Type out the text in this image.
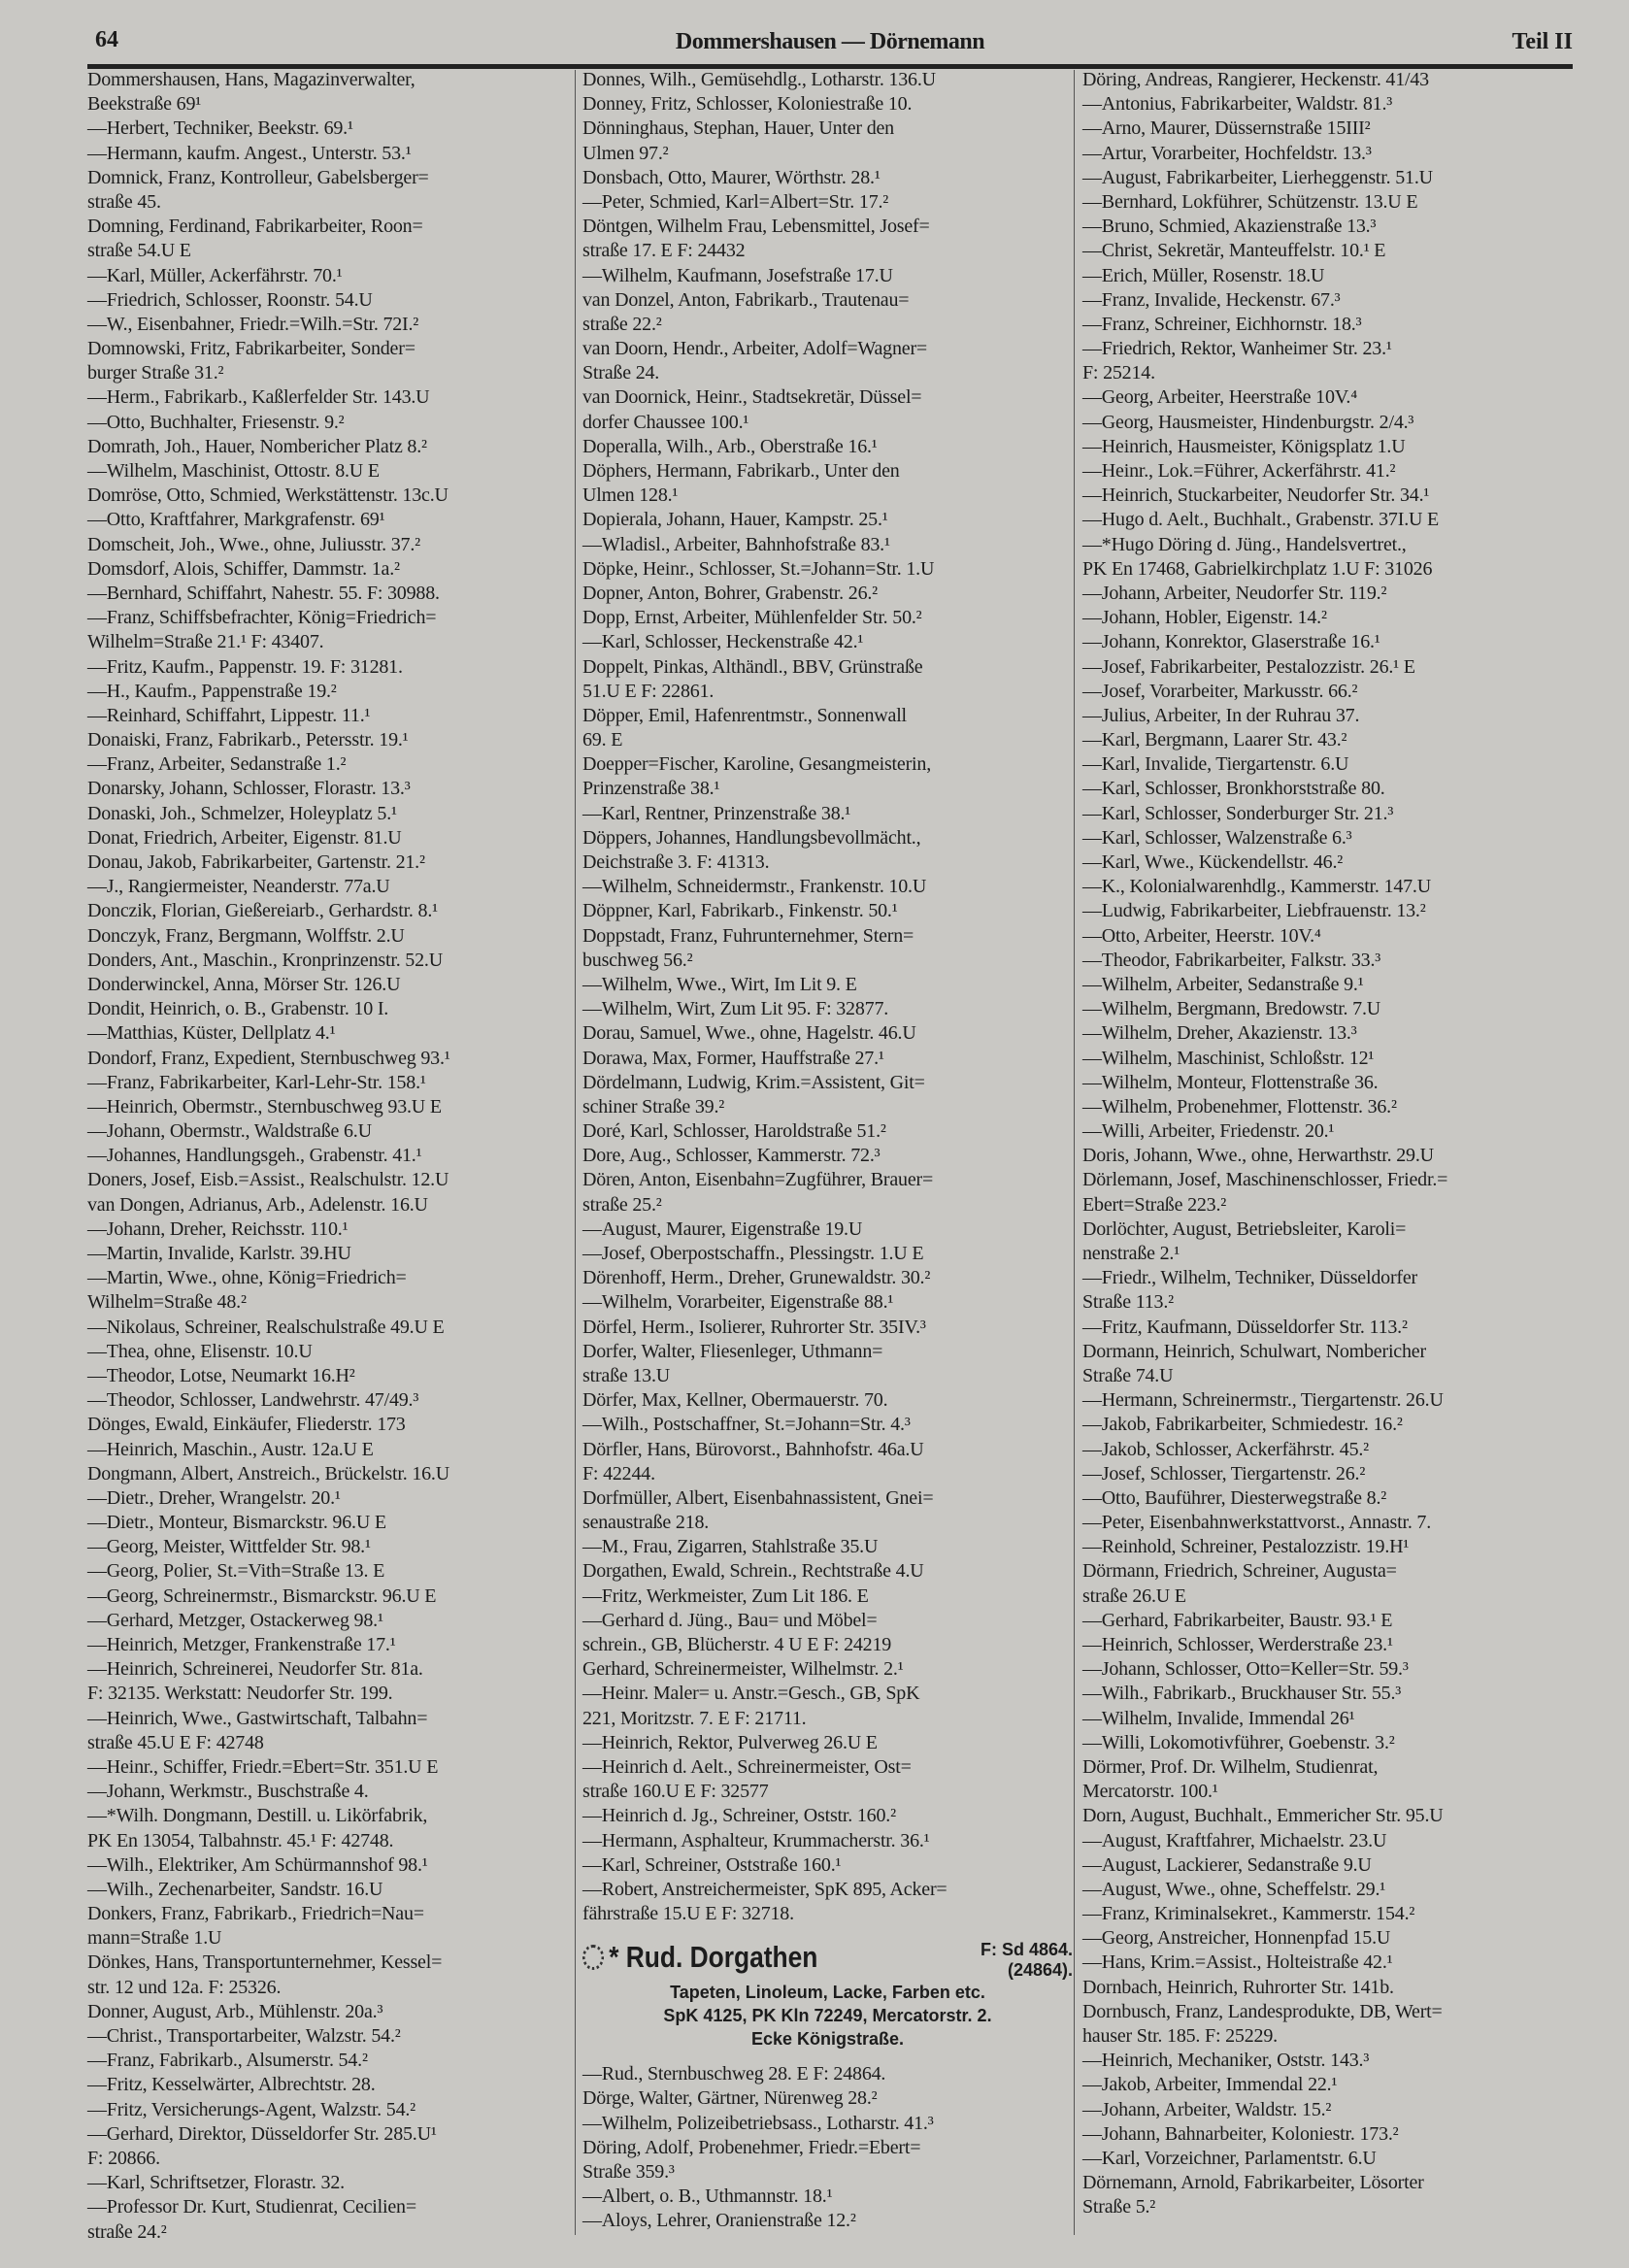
64	Dommershausen — Dörnemann	Teil II
Dommershausen, Hans, Magazinverwalter,
Beekstraße 69¹
—Herbert, Techniker, Beekstr. 69.¹
—Hermann, kaufm. Angest., Unterstr. 53.¹
Domnick, Franz, Kontrolleur, Gabelsberger=
straße 45.
Domning, Ferdinand, Fabrikarbeiter, Roon=
straße 54.U E
—Karl, Müller, Ackerfährstr. 70.¹
—Friedrich, Schlosser, Roonstr. 54.U
—W., Eisenbahner, Friedr.=Wilh.=Str. 72I.²
Domnowski, Fritz, Fabrikarbeiter, Sonder=
burger Straße 31.²
—Herm., Fabrikarb., Kaßlerfelder Str. 143.U
—Otto, Buchhalter, Friesenstr. 9.²
Domrath, Joh., Hauer, Nombericher Platz 8.²
—Wilhelm, Maschinist, Ottostr. 8.U E
Domröse, Otto, Schmied, Werkstättenstr. 13c.U
—Otto, Kraftfahrer, Markgrafenstr. 69¹
Domscheit, Joh., Wwe., ohne, Juliusstr. 37.²
Domsdorf, Alois, Schiffer, Dammstr. 1a.²
—Bernhard, Schiffahrt, Nahestr. 55. F: 30988.
—Franz, Schiffsbefrachter, König=Friedrich=
Wilhelm=Straße 21.¹ F: 43407.
—Fritz, Kaufm., Pappenstr. 19. F: 31281.
—H., Kaufm., Pappenstraße 19.²
—Reinhard, Schiffahrt, Lippestr. 11.¹
Donaiski, Franz, Fabrikarb., Petersstr. 19.¹
—Franz, Arbeiter, Sedanstraße 1.²
Donarsky, Johann, Schlosser, Florastr. 13.³
Donaski, Joh., Schmelzer, Holeyplatz 5.¹
Donat, Friedrich, Arbeiter, Eigenstr. 81.U
Donau, Jakob, Fabrikarbeiter, Gartenstr. 21.²
—J., Rangiermeister, Neanderstr. 77a.U
Donczik, Florian, Gießereiarb., Gerhardstr. 8.¹
Donczyk, Franz, Bergmann, Wolffstr. 2.U
Donders, Ant., Maschin., Kronprinzenstr. 52.U
Donderwinckel, Anna, Mörser Str. 126.U
Dondit, Heinrich, o. B., Grabenstr. 10 I.
—Matthias, Küster, Dellplatz 4.¹
Dondorf, Franz, Expedient, Sternbuschweg 93.¹
—Franz, Fabrikarbeiter, Karl-Lehr-Str. 158.¹
—Heinrich, Obermstr., Sternbuschweg 93.U E
—Johann, Obermstr., Waldstraße 6.U
—Johannes, Handlungsgeh., Grabenstr. 41.¹
Doners, Josef, Eisb.=Assist., Realschulstr. 12.U
van Dongen, Adrianus, Arb., Adelenstr. 16.U
—Johann, Dreher, Reichsstr. 110.¹
—Martin, Invalide, Karlstr. 39.HU
—Martin, Wwe., ohne, König=Friedrich=
Wilhelm=Straße 48.²
—Nikolaus, Schreiner, Realschulstraße 49.U E
—Thea, ohne, Elisenstr. 10.U
—Theodor, Lotse, Neumarkt 16.H²
—Theodor, Schlosser, Landwehrstr. 47/49.³
Dönges, Ewald, Einkäufer, Fliederstr. 173
—Heinrich, Maschin., Austr. 12a.U E
Dongmann, Albert, Anstreich., Brückelstr. 16.U
—Dietr., Dreher, Wrangelstr. 20.¹
—Dietr., Monteur, Bismarckstr. 96.U E
—Georg, Meister, Wittfelder Str. 98.¹
—Georg, Polier, St.=Vith=Straße 13. E
—Georg, Schreinermstr., Bismarckstr. 96.U E
—Gerhard, Metzger, Ostackerweg 98.¹
—Heinrich, Metzger, Frankenstraße 17.¹
—Heinrich, Schreinerei, Neudorfer Str. 81a.
F: 32135. Werkstatt: Neudorfer Str. 199.
—Heinrich, Wwe., Gastwirtschaft, Talbahn=
straße 45.U E F: 42748
—Heinr., Schiffer, Friedr.=Ebert=Str. 351.U E
—Johann, Werkmstr., Buschstraße 4.
—*Wilh. Dongmann, Destill. u. Likörfabrik,
PK En 13054, Talbahnstr. 45.¹ F: 42748.
—Wilh., Elektriker, Am Schürmannshof 98.¹
—Wilh., Zechenarbeiter, Sandstr. 16.U
Donkers, Franz, Fabrikarb., Friedrich=Nau=
mann=Straße 1.U
Dönkes, Hans, Transportunternehmer, Kessel=
str. 12 und 12a. F: 25326.
Donner, August, Arb., Mühlenstr. 20a.³
—Christ., Transportarbeiter, Walzstr. 54.²
—Franz, Fabrikarb., Alsumerstr. 54.²
—Fritz, Kesselwärter, Albrechtstr. 28.
—Fritz, Versicherungs-Agent, Walzstr. 54.²
—Gerhard, Direktor, Düsseldorfer Str. 285.U¹
F: 20866.
—Karl, Schriftsetzer, Florastr. 32.
—Professor Dr. Kurt, Studienrat, Cecilien=
straße 24.²
Donnes, Wilh., Gemüsehdlg., Lotharstr. 136.U
Donney, Fritz, Schlosser, Koloniestraße 10.
Dönninghaus, Stephan, Hauer, Unter den
Ulmen 97.²
Donsbach, Otto, Maurer, Wörthstr. 28.¹
—Peter, Schmied, Karl=Albert=Str. 17.²
Döntgen, Wilhelm Frau, Lebensmittel, Josef=
straße 17. E F: 24432
—Wilhelm, Kaufmann, Josefstraße 17.U
van Donzel, Anton, Fabrikarb., Trautenau=
straße 22.²
van Doorn, Hendr., Arbeiter, Adolf=Wagner=
Straße 24.
van Doornick, Heinr., Stadtsekretär, Düssel=
dorfer Chaussee 100.¹
Doperalla, Wilh., Arb., Oberstraße 16.¹
Döphers, Hermann, Fabrikarb., Unter den
Ulmen 128.¹
Dopierala, Johann, Hauer, Kampstr. 25.¹
—Wladisl., Arbeiter, Bahnhofstraße 83.¹
Döpke, Heinr., Schlosser, St.=Johann=Str. 1.U
Dopner, Anton, Bohrer, Grabenstr. 26.²
Dopp, Ernst, Arbeiter, Mühlenfelder Str. 50.²
—Karl, Schlosser, Heckenstraße 42.¹
Doppelt, Pinkas, Althändl., BBV, Grünstraße
51.U E F: 22861.
Döpper, Emil, Hafenrentmstr., Sonnenwall
69. E
Doepper=Fischer, Karoline, Gesangmeisterin,
Prinzenstraße 38.¹
—Karl, Rentner, Prinzenstraße 38.¹
Döppers, Johannes, Handlungsbevollmächt.,
Deichstraße 3. F: 41313.
—Wilhelm, Schneidermstr., Frankenstr. 10.U
Döppner, Karl, Fabrikarb., Finkenstr. 50.¹
Doppstadt, Franz, Fuhrunternehmer, Stern=
buschweg 56.²
—Wilhelm, Wwe., Wirt, Im Lit 9. E
—Wilhelm, Wirt, Zum Lit 95. F: 32877.
Dorau, Samuel, Wwe., ohne, Hagelstr. 46.U
Dorawa, Max, Former, Hauffstraße 27.¹
Dördelmann, Ludwig, Krim.=Assistent, Git=
schiner Straße 39.²
Doré, Karl, Schlosser, Haroldstraße 51.²
Dore, Aug., Schlosser, Kammerstr. 72.³
Dören, Anton, Eisenbahn=Zugführer, Brauer=
straße 25.²
—August, Maurer, Eigenstraße 19.U
—Josef, Oberpostschaffn., Plessingstr. 1.U E
Dörenhoff, Herm., Dreher, Grunewaldstr. 30.²
—Wilhelm, Vorarbeiter, Eigenstraße 88.¹
Dörfel, Herm., Isolierer, Ruhrorter Str. 35IV.³
Dorfer, Walter, Fliesenleger, Uthmann=
straße 13.U
Dörfer, Max, Kellner, Obermauerstr. 70.
—Wilh., Postschaffner, St.=Johann=Str. 4.³
Dörfler, Hans, Bürovorst., Bahnhofstr. 46a.U
F: 42244.
Dorfmüller, Albert, Eisenbahnassistent, Gnei=
senaustraße 218.
—M., Frau, Zigarren, Stahlstraße 35.U
Dorgathen, Ewald, Schrein., Rechtstraße 4.U
—Fritz, Werkmeister, Zum Lit 186. E
—Gerhard d. Jüng., Bau= und Möbel=
schrein., GB, Blücherstr. 4 U E F: 24219
Gerhard, Schreinermeister, Wilhelmstr. 2.¹
—Heinr. Maler= u. Anstr.=Gesch., GB, SpK
221, Moritzstr. 7. E F: 21711.
—Heinrich, Rektor, Pulverweg 26.U E
—Heinrich d. Aelt., Schreinermeister, Ost=
straße 160.U E F: 32577
—Heinrich d. Jg., Schreiner, Oststr. 160.²
—Hermann, Asphalteur, Krummacherstr. 36.¹
—Karl, Schreiner, Oststraße 160.¹
—Robert, Anstreichermeister, SpK 895, Acker=
fährstraße 15.U E F: 32718.
* Rud. Dorgathen	F: Sd 4864.
(24864).
Tapeten, Linoleum, Lacke, Farben etc.
SpK 4125, PK Kln 72249, Mercatorstr. 2.
Ecke Königstraße.
—Rud., Sternbuschweg 28. E F: 24864.
Dörge, Walter, Gärtner, Nürenweg 28.²
—Wilhelm, Polizeibetriebsass., Lotharstr. 41.³
Döring, Adolf, Probenehmer, Friedr.=Ebert=
Straße 359.³
—Albert, o. B., Uthmannstr. 18.¹
—Aloys, Lehrer, Oranienstraße 12.²
Döring, Andreas, Rangierer, Heckenstr. 41/43
—Antonius, Fabrikarbeiter, Waldstr. 81.³
—Arno, Maurer, Düssernstraße 15III²
—Artur, Vorarbeiter, Hochfeldstr. 13.³
—August, Fabrikarbeiter, Lierheggenstr. 51.U
—Bernhard, Lokführer, Schützenstr. 13.U E
—Bruno, Schmied, Akazienstraße 13.³
—Christ, Sekretär, Manteuffelstr. 10.¹ E
—Erich, Müller, Rosenstr. 18.U
—Franz, Invalide, Heckenstr. 67.³
—Franz, Schreiner, Eichhornstr. 18.³
—Friedrich, Rektor, Wanheimer Str. 23.¹
F: 25214.
—Georg, Arbeiter, Heerstraße 10V.⁴
—Georg, Hausmeister, Hindenburgstr. 2/4.³
—Heinrich, Hausmeister, Königsplatz 1.U
—Heinr., Lok.=Führer, Ackerfährstr. 41.²
—Heinrich, Stuckarbeiter, Neudorfer Str. 34.¹
—Hugo d. Aelt., Buchhalt., Grabenstr. 37I.U E
—*Hugo Döring d. Jüng., Handelsvertret.,
PK En 17468, Gabrielkirchplatz 1.U F: 31026
—Johann, Arbeiter, Neudorfer Str. 119.²
—Johann, Hobler, Eigenstr. 14.²
—Johann, Konrektor, Glaserstraße 16.¹
—Josef, Fabrikarbeiter, Pestalozzistr. 26.¹ E
—Josef, Vorarbeiter, Markusstr. 66.²
—Julius, Arbeiter, In der Ruhrau 37.
—Karl, Bergmann, Laarer Str. 43.²
—Karl, Invalide, Tiergartenstr. 6.U
—Karl, Schlosser, Bronkhorststraße 80.
—Karl, Schlosser, Sonderburger Str. 21.³
—Karl, Schlosser, Walzenstraße 6.³
—Karl, Wwe., Kückendellstr. 46.²
—K., Kolonialwarenhdlg., Kammerstr. 147.U
—Ludwig, Fabrikarbeiter, Liebfrauenstr. 13.²
—Otto, Arbeiter, Heerstr. 10V.⁴
—Theodor, Fabrikarbeiter, Falkstr. 33.³
—Wilhelm, Arbeiter, Sedanstraße 9.¹
—Wilhelm, Bergmann, Bredowstr. 7.U
—Wilhelm, Dreher, Akazienstr. 13.³
—Wilhelm, Maschinist, Schloßstr. 12¹
—Wilhelm, Monteur, Flottenstraße 36.
—Wilhelm, Probenehmer, Flottenstr. 36.²
—Willi, Arbeiter, Friedenstr. 20.¹
Doris, Johann, Wwe., ohne, Herwarthstr. 29.U
Dörlemann, Josef, Maschinenschlosser, Friedr.=
Ebert=Straße 223.²
Dorlöchter, August, Betriebsleiter, Karoli=
nenstraße 2.¹
—Friedr., Wilhelm, Techniker, Düsseldorfer
Straße 113.²
—Fritz, Kaufmann, Düsseldorfer Str. 113.²
Dormann, Heinrich, Schulwart, Nombericher
Straße 74.U
—Hermann, Schreinermstr., Tiergartenstr. 26.U
—Jakob, Fabrikarbeiter, Schmiedestr. 16.²
—Jakob, Schlosser, Ackerfährstr. 45.²
—Josef, Schlosser, Tiergartenstr. 26.²
—Otto, Bauführer, Diesterwegstraße 8.²
—Peter, Eisenbahnwerkstattvorst., Annastr. 7.
—Reinhold, Schreiner, Pestalozzistr. 19.H¹
Dörmann, Friedrich, Schreiner, Augusta=
straße 26.U E
—Gerhard, Fabrikarbeiter, Baustr. 93.¹ E
—Heinrich, Schlosser, Werderstraße 23.¹
—Johann, Schlosser, Otto=Keller=Str. 59.³
—Wilh., Fabrikarb., Bruckhauser Str. 55.³
—Wilhelm, Invalide, Immendal 26¹
—Willi, Lokomotivführer, Goebenstr. 3.²
Dörmer, Prof. Dr. Wilhelm, Studienrat,
Mercatorstr. 100.¹
Dorn, August, Buchhalt., Emmericher Str. 95.U
—August, Kraftfahrer, Michaelstr. 23.U
—August, Lackierer, Sedanstraße 9.U
—August, Wwe., ohne, Scheffelstr. 29.¹
—Franz, Kriminalsekret., Kammerstr. 154.²
—Georg, Anstreicher, Honnenpfad 15.U
—Hans, Krim.=Assist., Holteistraße 42.¹
Dornbach, Heinrich, Ruhrorter Str. 141b.
Dornbusch, Franz, Landesprodukte, DB, Wert=
hauser Str. 185. F: 25229.
—Heinrich, Mechaniker, Oststr. 143.³
—Jakob, Arbeiter, Immendal 22.¹
—Johann, Arbeiter, Waldstr. 15.²
—Johann, Bahnarbeiter, Koloniestr. 173.²
—Karl, Vorzeichner, Parlamentstr. 6.U
Dörnemann, Arnold, Fabrikarbeiter, Lösorter
Straße 5.²
